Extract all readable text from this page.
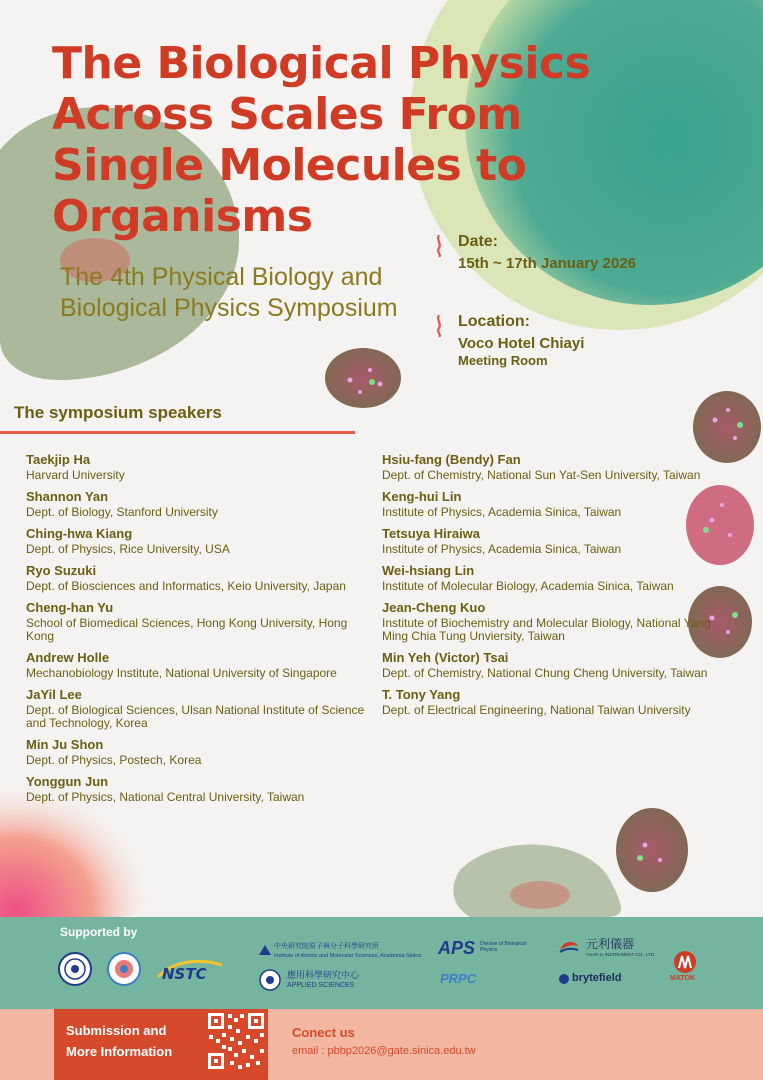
The Biological Physics Across Scales From Single Molecules to Organisms
The 4th Physical Biology and Biological Physics Symposium
Date:
15th ~ 17th January 2026
Location:
Voco Hotel Chiayi
Meeting Room
The symposium speakers
Taekjip Ha
Harvard University
Shannon Yan
Dept. of Biology, Stanford University
Ching-hwa Kiang
Dept. of Physics, Rice University, USA
Ryo Suzuki
Dept. of Biosciences and Informatics, Keio University, Japan
Cheng-han Yu
School of Biomedical Sciences, Hong Kong University, Hong Kong
Andrew Holle
Mechanobiology Institute, National University of Singapore
JaYil Lee
Dept. of Biological Sciences, Ulsan National Institute of Science and Technology, Korea
Min Ju Shon
Dept. of Physics, Postech, Korea
Yonggun Jun
Dept. of Physics, National Central University, Taiwan
Hsiu-fang (Bendy) Fan
Dept. of Chemistry, National Sun Yat-Sen University, Taiwan
Keng-hui Lin
Institute of Physics, Academia Sinica, Taiwan
Tetsuya Hiraiwa
Institute of Physics, Academia Sinica, Taiwan
Wei-hsiang Lin
Institute of Molecular Biology, Academia Sinica, Taiwan
Jean-Cheng Kuo
Institute of Biochemistry and Molecular Biology, National Yang Ming Chia Tung Unviersity, Taiwan
Min Yeh (Victor) Tsai
Dept. of Chemistry, National Chung Cheng University, Taiwan
T. Tony Yang
Dept. of Electrical Engineering, National Taiwan University
Supported by
NSTC
中央研究院原子與分子科學研究所
Institute of Atomic and Molecular Sciences, Academia Sinica
應用科學研究中心
APPLIED SCIENCES
APS Division of Biological Physics
PRPC
元利儀器
YUAN LI INSTRUMENT CO., LTD.
brytefield	MATOK
Submission and More Information
Conect us
email : pbbp2026@gate.sinica.edu.tw
